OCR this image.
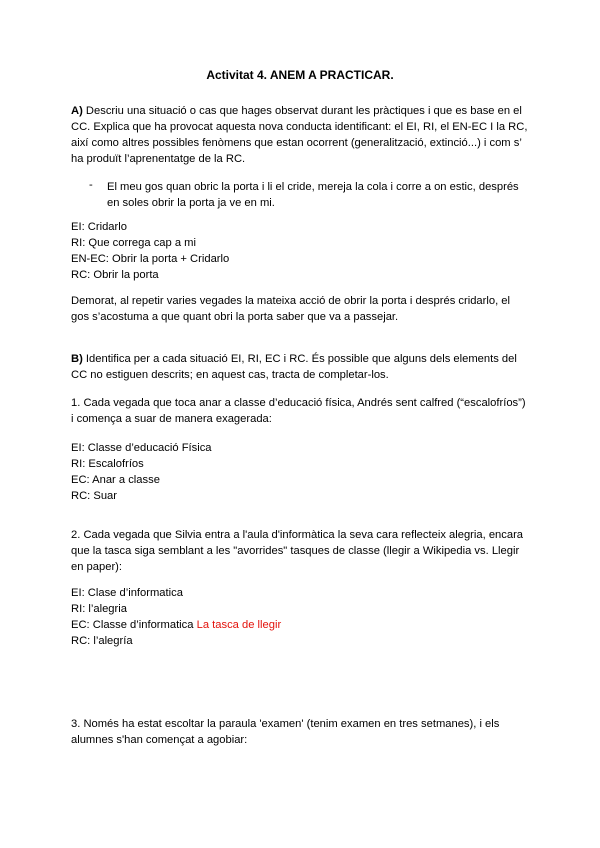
Activitat 4. ANEM A PRACTICAR.
A) Descriu una situació o cas que hages observat durant les pràctiques i que es base en el
CC. Explica que ha provocat aquesta nova conducta identificant: el EI, RI, el EN-EC I la RC,
així como altres possibles fenòmens que estan ocorrent (generalització, extinció...) i com s’
ha produït l’aprenentatge de la RC.
- El meu gos quan obric la porta i li el cride, mereja la cola i corre a on estic, després
en soles obrir la porta ja ve en mi.
EI: Cridarlo
RI: Que correga cap a mi
EN-EC: Obrir la porta + Cridarlo
RC: Obrir la porta
Demorat, al repetir varies vegades la mateixa acció de obrir la porta i després cridarlo, el
gos s’acostuma a que quant obri la porta saber que va a passejar.
B) Identifica per a cada situació EI, RI, EC i RC. És possible que alguns dels elements del
CC no estiguen descrits; en aquest cas, tracta de completar-los.
1. Cada vegada que toca anar a classe d’educació física, Andrés sent calfred (“escalofríos”)
i comença a suar de manera exagerada:
EI: Classe d’educació Física
RI: Escalofríos
EC: Anar a classe
RC: Suar
2. Cada vegada que Silvia entra a l'aula d'informàtica la seva cara reflecteix alegria, encara
que la tasca siga semblant a les "avorrides" tasques de classe (llegir a Wikipedia vs. Llegir
en paper):
EI: Clase d’informatica
RI: l’alegria
EC: Classe d’informatica La tasca de llegir
RC: l’alegría
3. Només ha estat escoltar la paraula 'examen' (tenim examen en tres setmanes), i els
alumnes s'han començat a agobiar:
